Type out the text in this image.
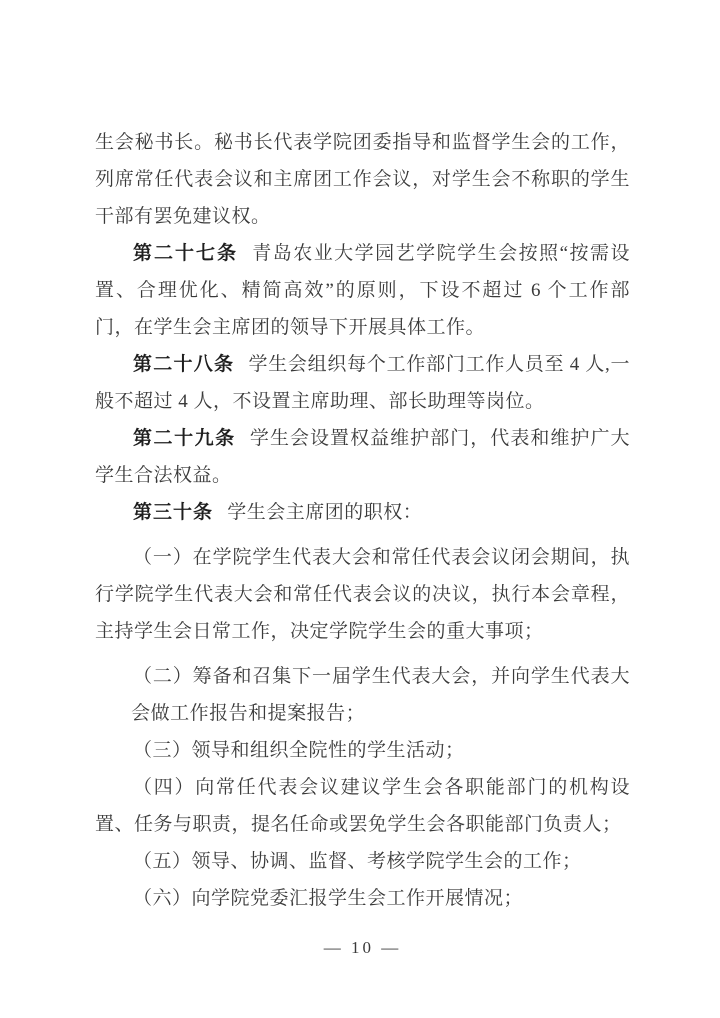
生会秘书长。秘书长代表学院团委指导和监督学生会的工作，列席常任代表会议和主席团工作会议，对学生会不称职的学生干部有罢免建议权。

第二十七条 青岛农业大学园艺学院学生会按照“按需设置、合理优化、精简高效”的原则，下设不超过 6 个工作部门，在学生会主席团的领导下开展具体工作。

第二十八条 学生会组织每个工作部门工作人员至 4 人,一般不超过 4 人，不设置主席助理、部长助理等岗位。

第二十九条 学生会设置权益维护部门，代表和维护广大学生合法权益。

第三十条 学生会主席团的职权：

（一）在学院学生代表大会和常任代表会议闭会期间，执行学院学生代表大会和常任代表会议的决议，执行本会章程，主持学生会日常工作，决定学院学生会的重大事项；

（二）筹备和召集下一届学生代表大会，并向学生代表大会做工作报告和提案报告；

（三）领导和组织全院性的学生活动；

（四）向常任代表会议建议学生会各职能部门的机构设置、任务与职责，提名任命或罢免学生会各职能部门负责人；

（五）领导、协调、监督、考核学院学生会的工作；

（六）向学院党委汇报学生会工作开展情况；

— 10 —
